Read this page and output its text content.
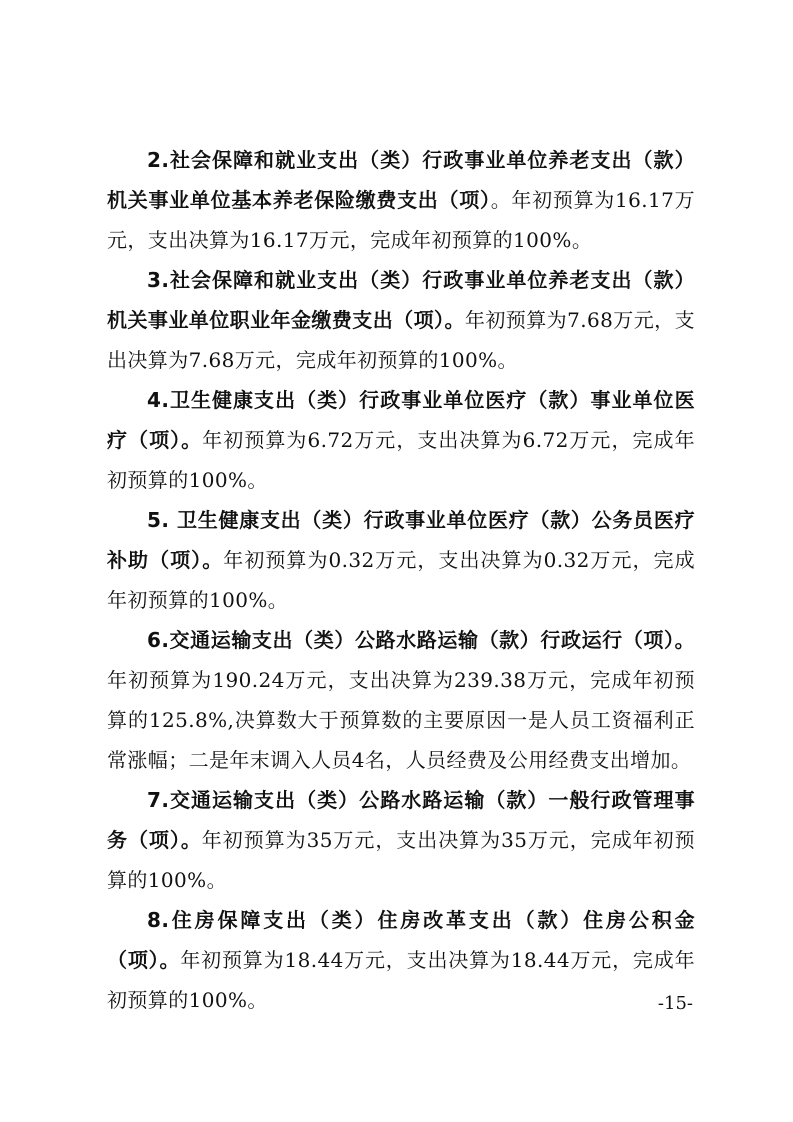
2.社会保障和就业支出（类）行政事业单位养老支出（款）机关事业单位基本养老保险缴费支出（项）。年初预算为16.17万元，支出决算为16.17万元，完成年初预算的100%。

3.社会保障和就业支出（类）行政事业单位养老支出（款）机关事业单位职业年金缴费支出（项）。年初预算为7.68万元，支出决算为7.68万元，完成年初预算的100%。

4.卫生健康支出（类）行政事业单位医疗（款）事业单位医疗（项）。年初预算为6.72万元，支出决算为6.72万元，完成年初预算的100%。

5. 卫生健康支出（类）行政事业单位医疗（款）公务员医疗补助（项）。年初预算为0.32万元，支出决算为0.32万元，完成年初预算的100%。

6.交通运输支出（类）公路水路运输（款）行政运行（项）。年初预算为190.24万元，支出决算为239.38万元，完成年初预算的125.8%,决算数大于预算数的主要原因一是人员工资福利正常涨幅；二是年末调入人员4名，人员经费及公用经费支出增加。

7.交通运输支出（类）公路水路运输（款）一般行政管理事务（项）。年初预算为35万元，支出决算为35万元，完成年初预算的100%。

8.住房保障支出（类）住房改革支出（款）住房公积金（项）。年初预算为18.44万元，支出决算为18.44万元，完成年初预算的100%。	-15-
